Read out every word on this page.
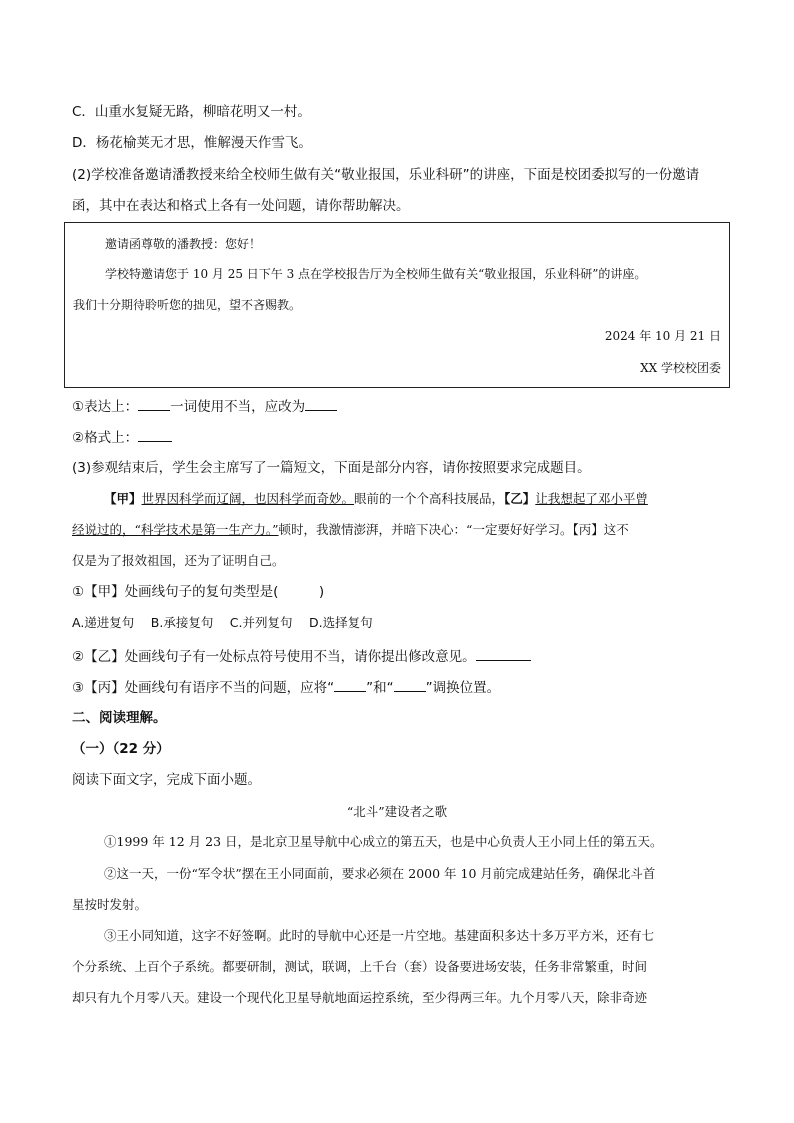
C．山重水复疑无路，柳暗花明又一村。
D．杨花榆荚无才思，惟解漫天作雪飞。
(2)学校准备邀请潘教授来给全校师生做有关“敬业报国，乐业科研”的讲座，下面是校团委拟写的一份邀请
函，其中在表达和格式上各有一处问题，请你帮助解决。
邀请函尊敬的潘教授：您好！
学校特邀请您于 10 月 25 日下午 3 点在学校报告厅为全校师生做有关“敬业报国，乐业科研”的讲座。
我们十分期待聆听您的拙见，望不吝赐教。
2024 年 10 月 21 日
XX 学校校团委
①表达上： 一词使用不当，应改为
②格式上：
(3)参观结束后，学生会主席写了一篇短文，下面是部分内容，请你按照要求完成题目。
【甲】世界因科学而辽阔，也因科学而奇妙。眼前的一个个高科技展品，【乙】让我想起了邓小平曾
经说过的，“科学技术是第一生产力。”顿时，我激情澎湃，并暗下决心：“一定要好好学习。【丙】这不
仅是为了报效祖国，还为了证明自己。
①【甲】处画线句子的复句类型是(　　　)
A.递进复句　 B.承接复句　 C.并列复句　 D.选择复句
②【乙】处画线句子有一处标点符号使用不当，请你提出修改意见。
③【丙】处画线句有语序不当的问题，应将“ ”和“ ”调换位置。
二、阅读理解。
（一）（22 分）
阅读下面文字，完成下面小题。
“北斗”建设者之歌
①1999 年 12 月 23 日，是北京卫星导航中心成立的第五天，也是中心负责人王小同上任的第五天。
②这一天，一份“军令状”摆在王小同面前，要求必须在 2000 年 10 月前完成建站任务，确保北斗首
星按时发射。
③王小同知道，这字不好签啊。此时的导航中心还是一片空地。基建面积多达十多万平方米，还有七
个分系统、上百个子系统。都要研制，测试，联调，上千台（套）设备要进场安装，任务非常繁重，时间
却只有九个月零八天。建设一个现代化卫星导航地面运控系统，至少得两三年。九个月零八天，除非奇迹
